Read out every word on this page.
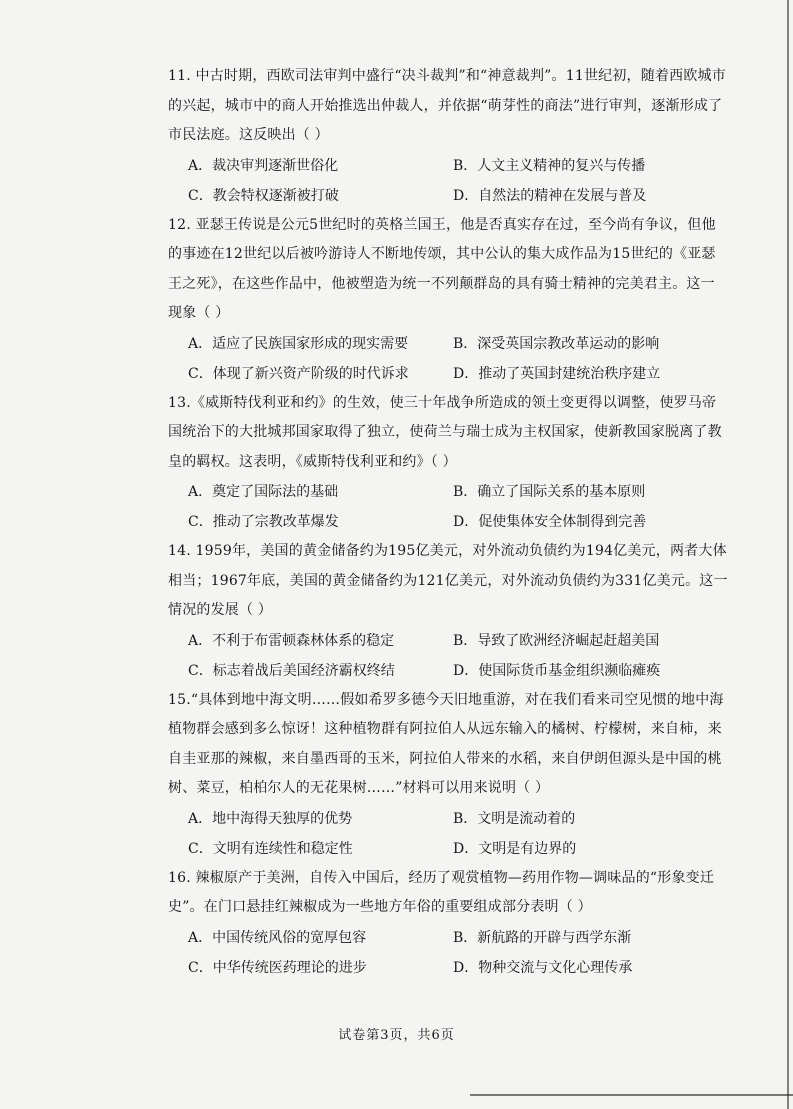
11. 中古时期，西欧司法审判中盛行“决斗裁判”和“神意裁判”。11世纪初，随着西欧城市的兴起，城市中的商人开始推选出仲裁人，并依据“萌芽性的商法”进行审判，逐渐形成了市民法庭。这反映出（ ）

A．裁决审判逐渐世俗化	B．人文主义精神的复兴与传播
C．教会特权逐渐被打破	D．自然法的精神在发展与普及

12. 亚瑟王传说是公元5世纪时的英格兰国王，他是否真实存在过，至今尚有争议，但他的事迹在12世纪以后被吟游诗人不断地传颂，其中公认的集大成作品为15世纪的《亚瑟王之死》，在这些作品中，他被塑造为统一不列颠群岛的具有骑士精神的完美君主。这一现象（ ）

A．适应了民族国家形成的现实需要	B．深受英国宗教改革运动的影响
C．体现了新兴资产阶级的时代诉求	D．推动了英国封建统治秩序建立

13.《威斯特伐利亚和约》的生效，使三十年战争所造成的领土变更得以调整，使罗马帝国统治下的大批城邦国家取得了独立，使荷兰与瑞士成为主权国家，使新教国家脱离了教皇的羁权。这表明，《威斯特伐利亚和约》（ ）

A．奠定了国际法的基础	B．确立了国际关系的基本原则
C．推动了宗教改革爆发	D．促使集体安全体制得到完善

14. 1959年，美国的黄金储备约为195亿美元，对外流动负债约为194亿美元，两者大体相当；1967年底，美国的黄金储备约为121亿美元，对外流动负债约为331亿美元。这一情况的发展（ ）

A．不利于布雷顿森林体系的稳定	B．导致了欧洲经济崛起赶超美国
C．标志着战后美国经济霸权终结	D．使国际货币基金组织濒临瘫痪

15.“具体到地中海文明……假如希罗多德今天旧地重游，对在我们看来司空见惯的地中海植物群会感到多么惊讶！这种植物群有阿拉伯人从远东输入的橘树、柠檬树，来自柿，来自圭亚那的辣椒，来自墨西哥的玉米，阿拉伯人带来的水稻，来自伊朗但源头是中国的桃树、菜豆，柏柏尔人的无花果树……”材料可以用来说明（ ）

A．地中海得天独厚的优势	B．文明是流动着的
C．文明有连续性和稳定性	D．文明是有边界的

16. 辣椒原产于美洲，自传入中国后，经历了观赏植物—药用作物—调味品的“形象变迁史”。在门口悬挂红辣椒成为一些地方年俗的重要组成部分表明（ ）

A．中国传统风俗的宽厚包容	B．新航路的开辟与西学东渐
C．中华传统医药理论的进步	D．物种交流与文化心理传承
试卷第3页，共6页
